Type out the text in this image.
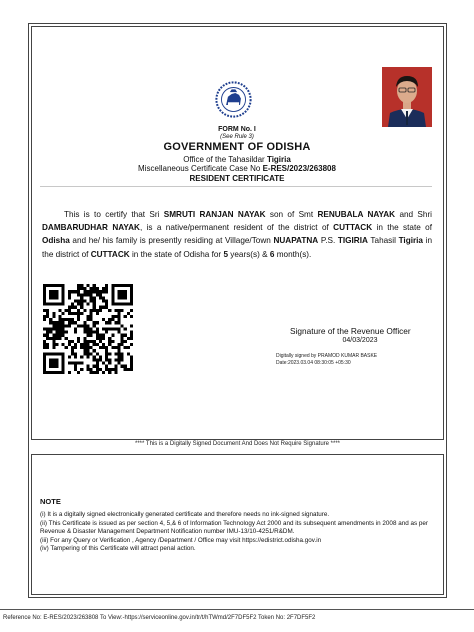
FORM No. I
(See Rule 3)
GOVERNMENT OF ODISHA
Office of the Tahasildar Tigiria
Miscellaneous Certificate Case No E-RES/2023/263808
RESIDENT CERTIFICATE
This is to certify that Sri SMRUTI RANJAN NAYAK son of Smt RENUBALA NAYAK and Shri DAMBARUDHAR NAYAK, is a native/permanent resident of the district of CUTTACK in the state of Odisha and he/ his family is presently residing at Village/Town NUAPATNA P.S. TIGIRIA Tahasil Tigiria in the district of CUTTACK in the state of Odisha for 5 years(s) & 6 month(s).
Signature of the Revenue Officer
04/03/2023
Digitally signed by PRAMOD KUMAR BASKE
Date:2023.03.04 08:30:05 +05:30
**** This is a Digitally Signed Document And Does Not Require Signature ****
NOTE
(i) It is a digitally signed electronically generated certificate and therefore needs no ink-signed signature.
(ii) This Certificate is issued as per section 4, 5,& 6 of Information Technology Act 2000 and its subsequent amendments in 2008 and as per Revenue & Disaster Management Department Notification number IMU-13/10-4251/R&DM.
(iii) For any Query or Verification , Agency /Department / Office may visit https://edistrict.odisha.gov.in
(iv) Tampering of this Certificate will attract penal action.
Reference No: E-RES/2023/263808 To View:-https://serviceonline.gov.in/tr/t/hTWmd/2F7DF5F2 Token No: 2F7DF5F2
